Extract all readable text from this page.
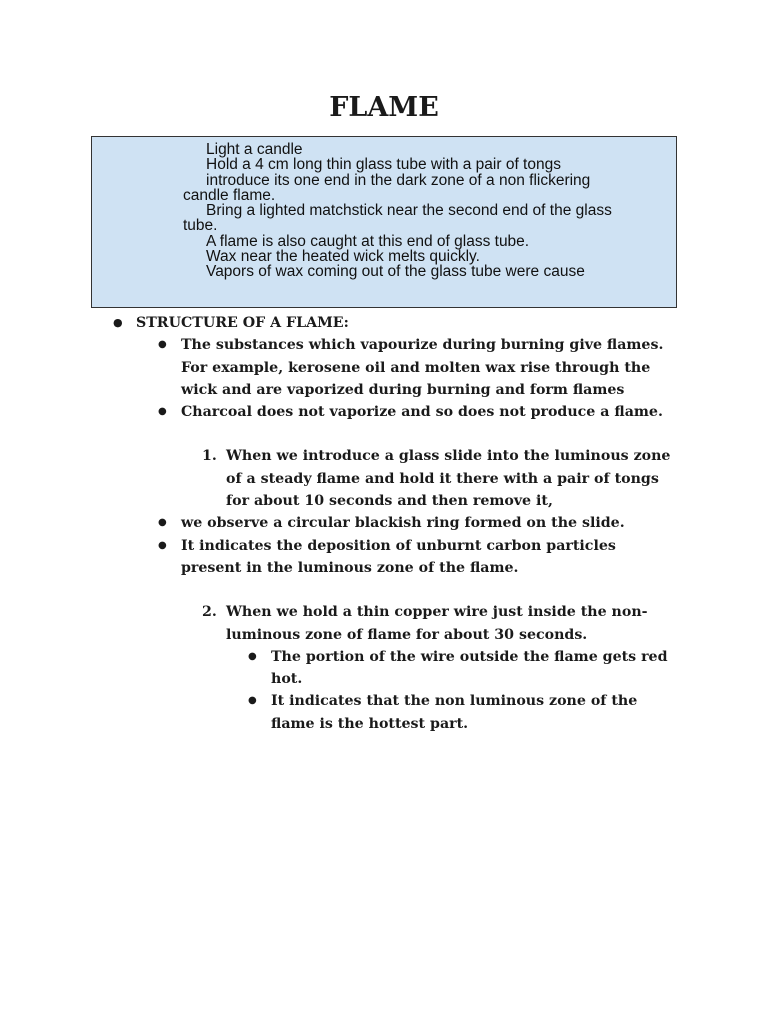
FLAME

Light a candle

Hold a 4 cm long thin glass tube with a pair of tongs

introduce its one end in the dark zone of a non flickering candle flame.

Bring a lighted matchstick near the second end of the glass tube.

A flame is also caught at this end of glass tube.

Wax near the heated wick melts quickly.

Vapors of wax coming out of the glass tube were cause

● STRUCTURE OF A FLAME:
● The substances which vapourize during burning give flames. For example, kerosene oil and molten wax rise through the wick and are vaporized during burning and form flames
● Charcoal does not vaporize and so does not produce a flame.
1. When we introduce a glass slide into the luminous zone of a steady flame and hold it there with a pair of tongs for about 10 seconds and then remove it,
● we observe a circular blackish ring formed on the slide.
● It indicates the deposition of unburnt carbon particles present in the luminous zone of the flame.
2. When we hold a thin copper wire just inside the non-luminous zone of flame for about 30 seconds.
● The portion of the wire outside the flame gets red hot.
● It indicates that the non luminous zone of the flame is the hottest part.
